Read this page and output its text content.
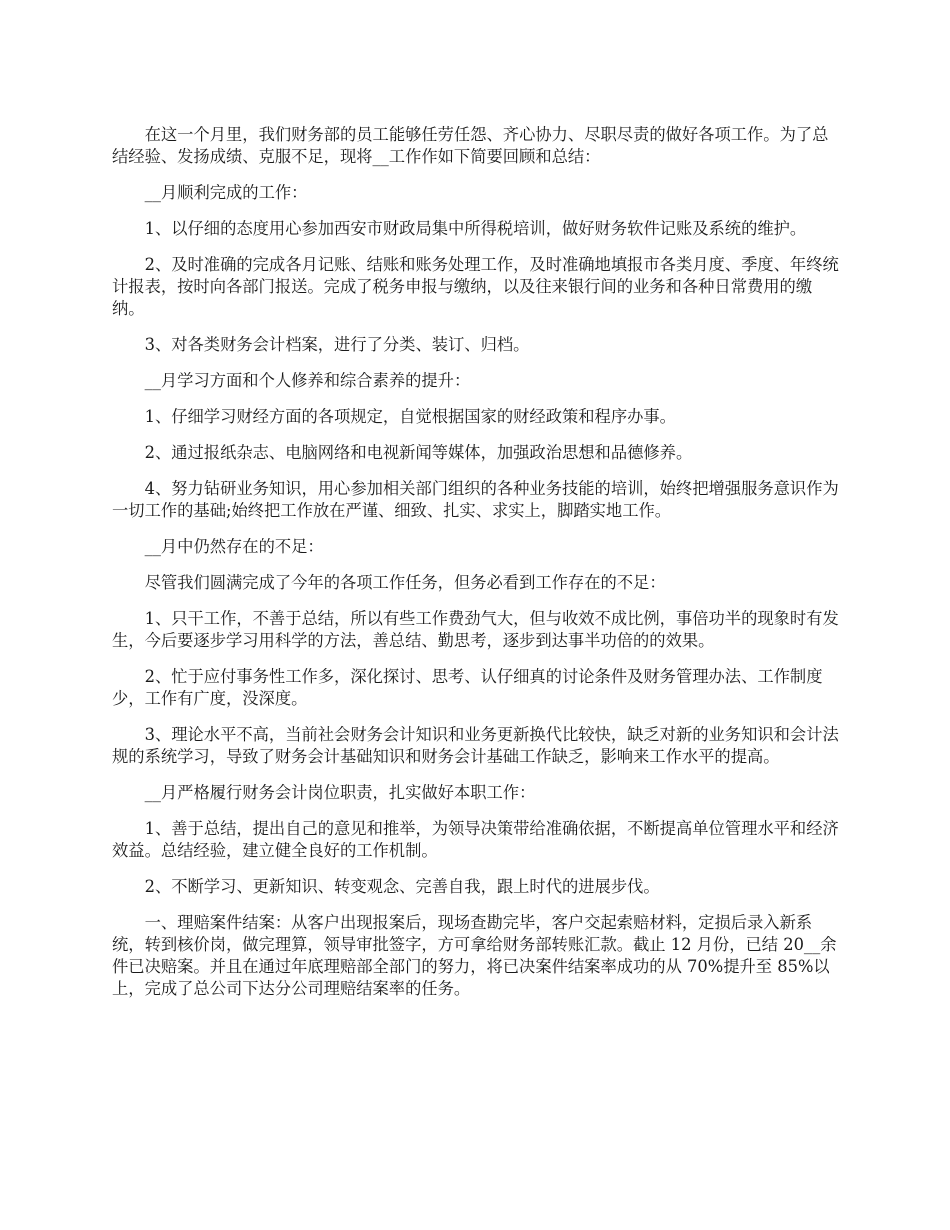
在这一个月里，我们财务部的员工能够任劳任怨、齐心协力、尽职尽责的做好各项工作。为了总结经验、发扬成绩、克服不足，现将__工作作如下简要回顾和总结：

__月顺利完成的工作：

1、以仔细的态度用心参加西安市财政局集中所得税培训，做好财务软件记账及系统的维护。

2、及时准确的完成各月记账、结账和账务处理工作，及时准确地填报市各类月度、季度、年终统计报表，按时向各部门报送。完成了税务申报与缴纳，以及往来银行间的业务和各种日常费用的缴纳。

3、对各类财务会计档案，进行了分类、装订、归档。

__月学习方面和个人修养和综合素养的提升：

1、仔细学习财经方面的各项规定，自觉根据国家的财经政策和程序办事。

2、通过报纸杂志、电脑网络和电视新闻等媒体，加强政治思想和品德修养。

4、努力钻研业务知识，用心参加相关部门组织的各种业务技能的培训，始终把增强服务意识作为一切工作的基础;始终把工作放在严谨、细致、扎实、求实上，脚踏实地工作。

__月中仍然存在的不足：

尽管我们圆满完成了今年的各项工作任务，但务必看到工作存在的不足：

1、只干工作，不善于总结，所以有些工作费劲气大，但与收效不成比例，事倍功半的现象时有发生，今后要逐步学习用科学的方法，善总结、勤思考，逐步到达事半功倍的的效果。

2、忙于应付事务性工作多，深化探讨、思考、认仔细真的讨论条件及财务管理办法、工作制度少，工作有广度，没深度。

3、理论水平不高，当前社会财务会计知识和业务更新换代比较快，缺乏对新的业务知识和会计法规的系统学习，导致了财务会计基础知识和财务会计基础工作缺乏，影响来工作水平的提高。

__月严格履行财务会计岗位职责，扎实做好本职工作：

1、善于总结，提出自己的意见和推举，为领导决策带给准确依据，不断提高单位管理水平和经济效益。总结经验，建立健全良好的工作机制。

2、不断学习、更新知识、转变观念、完善自我，跟上时代的进展步伐。

一、理赔案件结案：从客户出现报案后，现场查勘完毕，客户交起索赔材料，定损后录入新系统，转到核价岗，做完理算，领导审批签字，方可拿给财务部转账汇款。截止 12 月份，已结 20__余件已决赔案。并且在通过年底理赔部全部门的努力，将已决案件结案率成功的从 70%提升至 85%以上，完成了总公司下达分公司理赔结案率的任务。
